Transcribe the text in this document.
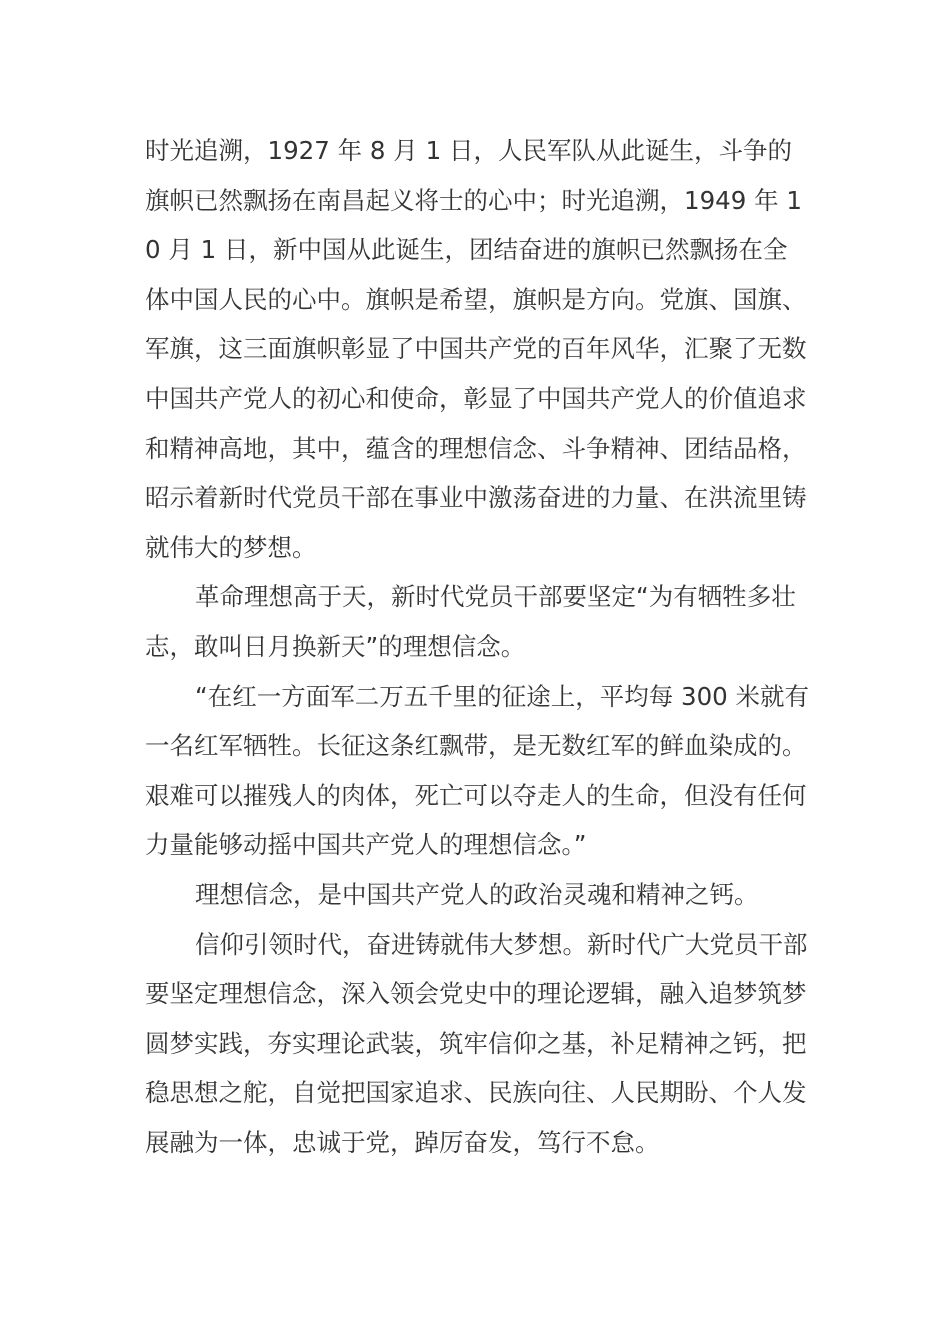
时光追溯，1927 年 8 月 1 日，人民军队从此诞生，斗争的旗帜已然飘扬在南昌起义将士的心中；时光追溯，1949 年 10 月 1 日，新中国从此诞生，团结奋进的旗帜已然飘扬在全体中国人民的心中。旗帜是希望，旗帜是方向。党旗、国旗、军旗，这三面旗帜彰显了中国共产党的百年风华，汇聚了无数中国共产党人的初心和使命，彰显了中国共产党人的价值追求和精神高地，其中，蕴含的理想信念、斗争精神、团结品格，昭示着新时代党员干部在事业中激荡奋进的力量、在洪流里铸就伟大的梦想。

革命理想高于天，新时代党员干部要坚定“为有牺牲多壮志，敢叫日月换新天”的理想信念。

“在红一方面军二万五千里的征途上，平均每 300 米就有一名红军牺牲。长征这条红飘带，是无数红军的鲜血染成的。艰难可以摧残人的肉体，死亡可以夺走人的生命，但没有任何力量能够动摇中国共产党人的理想信念。”

理想信念，是中国共产党人的政治灵魂和精神之钙。

信仰引领时代，奋进铸就伟大梦想。新时代广大党员干部要坚定理想信念，深入领会党史中的理论逻辑，融入追梦筑梦圆梦实践，夯实理论武装，筑牢信仰之基，补足精神之钙，把稳思想之舵，自觉把国家追求、民族向往、人民期盼、个人发展融为一体，忠诚于党，踔厉奋发，笃行不怠。
